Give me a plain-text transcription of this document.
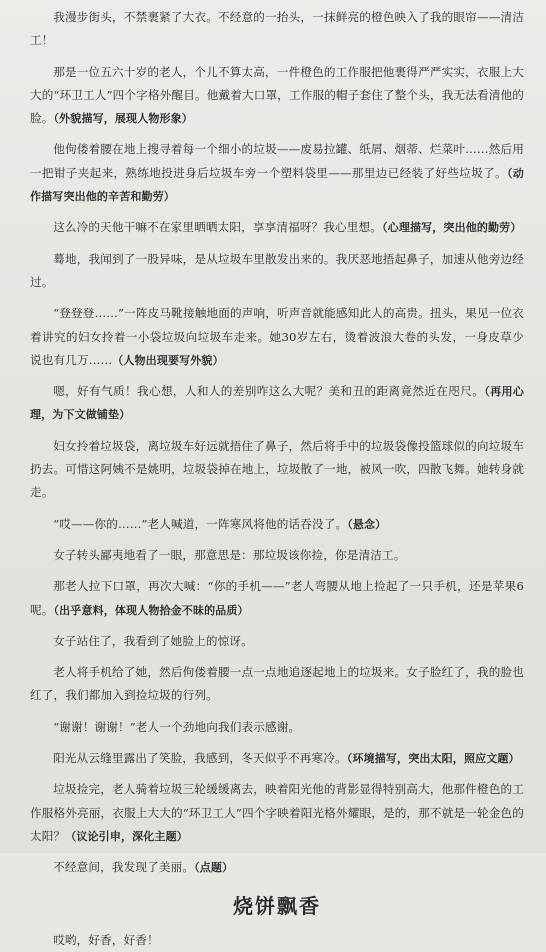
我漫步街头，不禁裹紧了大衣。不经意的一抬头，一抹鲜亮的橙色映入了我的眼帘——清洁工！

那是一位五六十岁的老人，个儿不算太高，一件橙色的工作服把他裹得严严实实，衣服上大大的“环卫工人”四个字格外醒目。他戴着大口罩，工作服的帽子套住了整个头，我无法看清他的脸。（外貌描写，展现人物形象）

他佝偻着腰在地上搜寻着每一个细小的垃圾——废易拉罐、纸屑、烟蒂、烂菜叶……然后用一把钳子夹起来，熟练地投进身后垃圾车旁一个塑料袋里——那里边已经装了好些垃圾了。（动作描写突出他的辛苦和勤劳）

这么冷的天他干嘛不在家里晒晒太阳，享享清福呀？我心里想。（心理描写，突出他的勤劳）

蓦地，我闻到了一股异味，是从垃圾车里散发出来的。我厌恶地捂起鼻子，加速从他旁边经过。

“登登登……”一阵皮马靴接触地面的声响，听声音就能感知此人的高贵。扭头，果见一位衣着讲究的妇女拎着一小袋垃圾向垃圾车走来。她30岁左右，烫着波浪大卷的头发，一身皮草少说也有几万……（人物出现要写外貌）

嗯，好有气质！我心想，人和人的差别咋这么大呢？美和丑的距离竟然近在咫尺。（再用心理，为下文做铺垫）

妇女拎着垃圾袋，离垃圾车好远就捂住了鼻子，然后将手中的垃圾袋像投篮球似的向垃圾车扔去。可惜这阿姨不是姚明，垃圾袋掉在地上，垃圾散了一地，被风一吹，四散飞舞。她转身就走。

“哎——你的……”老人喊道，一阵寒风将他的话吞没了。（悬念）

女子转头鄙夷地看了一眼，那意思是：那垃圾该你捡，你是清洁工。

那老人拉下口罩，再次大喊：“你的手机——”老人弯腰从地上捡起了一只手机，还是苹果6呢。（出乎意料，体现人物拾金不昧的品质）

女子站住了，我看到了她脸上的惊讶。

老人将手机给了她，然后佝偻着腰一点一点地追逐起地上的垃圾来。女子脸红了，我的脸也红了，我们都加入到捡垃圾的行列。

“谢谢！谢谢！”老人一个劲地向我们表示感谢。

阳光从云缝里露出了笑脸，我感到，冬天似乎不再寒冷。（环境描写，突出太阳，照应文题）

垃圾捡完，老人骑着垃圾三轮缓缓离去，映着阳光他的背影显得特别高大，他那件橙色的工作服格外亮丽，衣服上大大的“环卫工人”四个字映着阳光格外耀眼，是的，那不就是一轮金色的太阳？（议论引申，深化主题）

不经意间，我发现了美丽。（点题）

烧饼飘香

哎哟，好香，好香！
